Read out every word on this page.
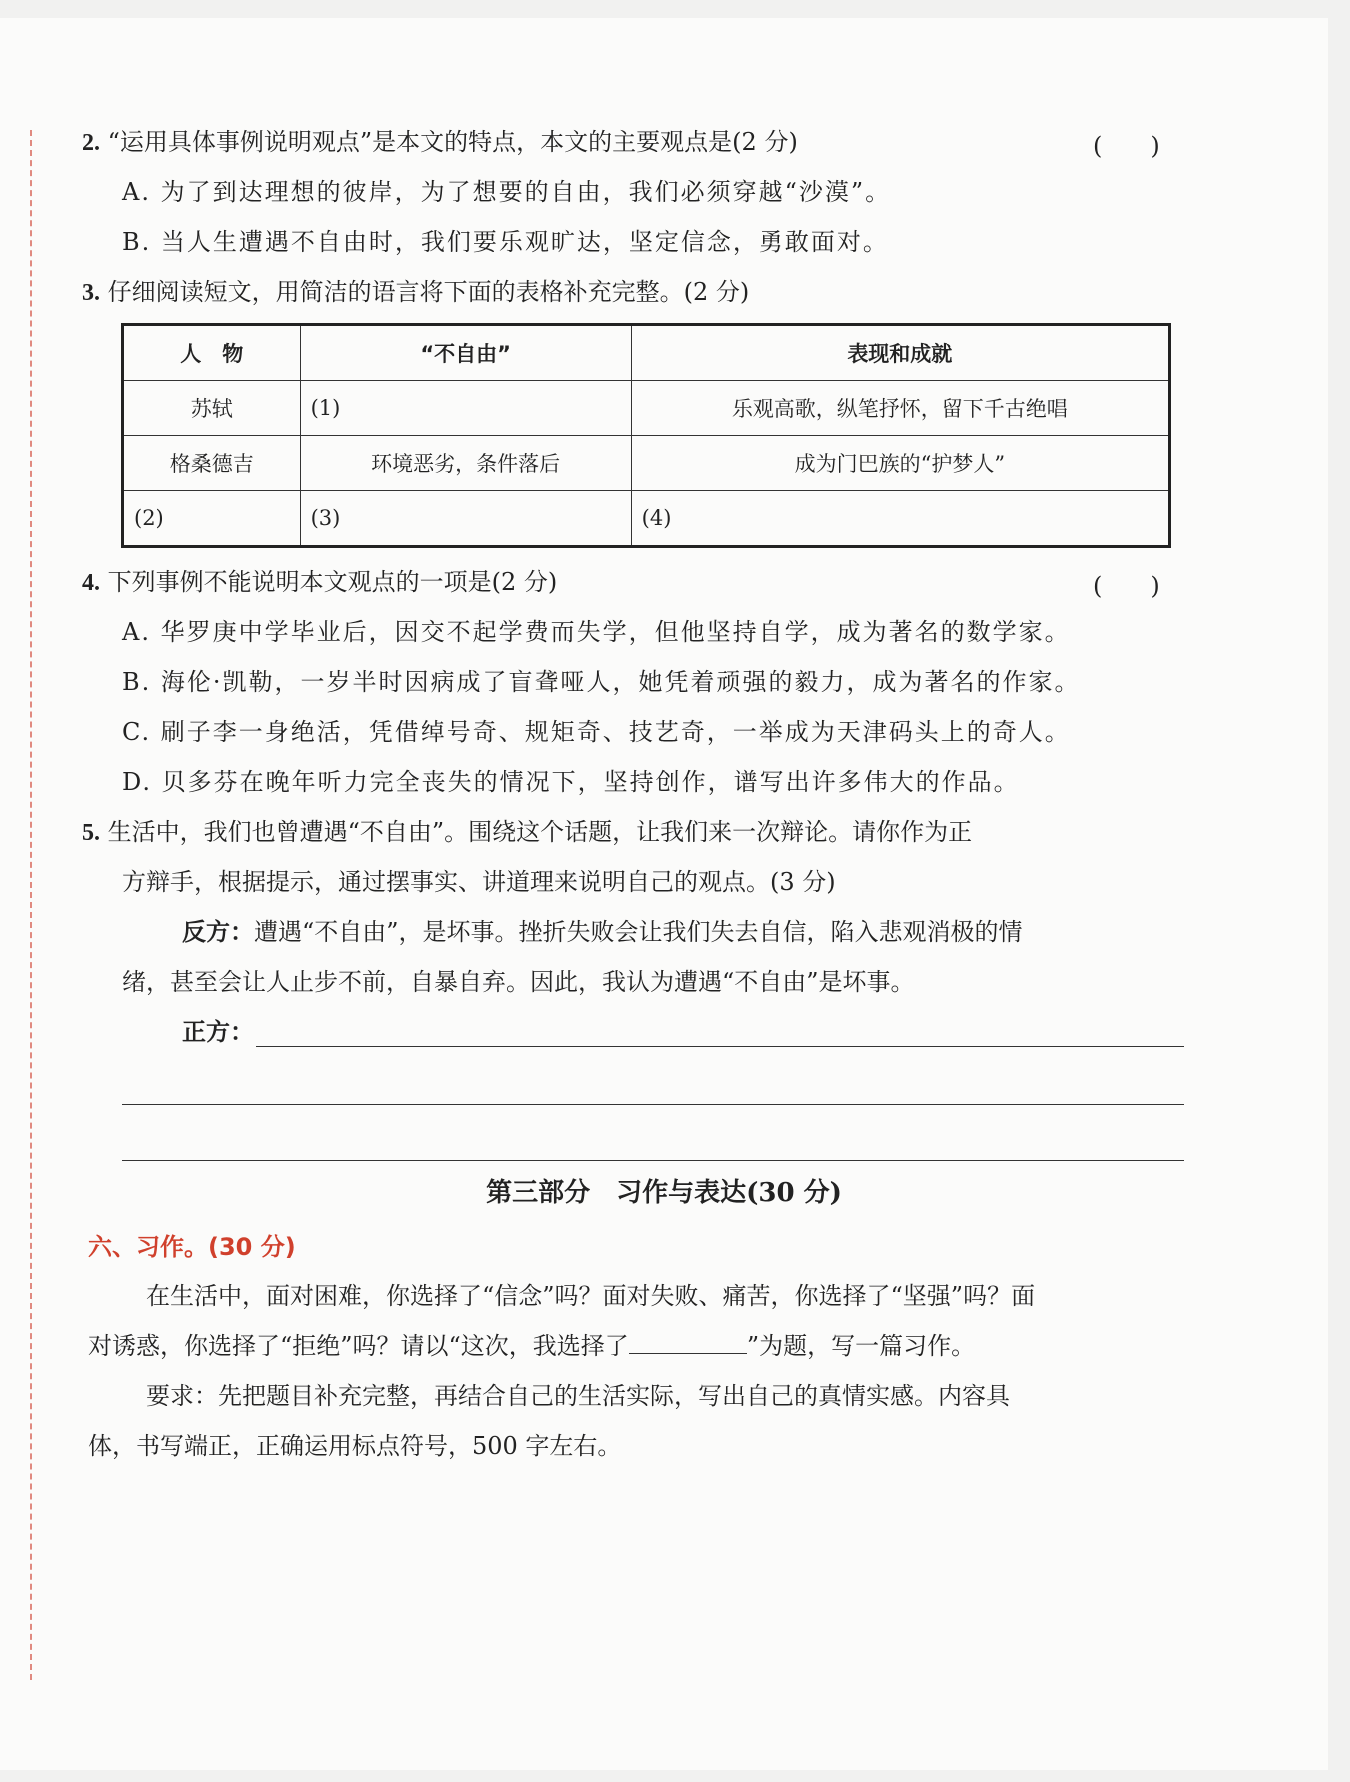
2. “运用具体事例说明观点”是本文的特点，本文的主要观点是(2 分)	(　　)
A. 为了到达理想的彼岸，为了想要的自由，我们必须穿越“沙漠”。
B. 当人生遭遇不自由时，我们要乐观旷达，坚定信念，勇敢面对。
3. 仔细阅读短文，用简洁的语言将下面的表格补充完整。(2 分)
人　物	“不自由”	表现和成就
苏轼	(1)	乐观高歌，纵笔抒怀，留下千古绝唱
格桑德吉	环境恶劣，条件落后	成为门巴族的“护梦人”
(2)	(3)	(4)
4. 下列事例不能说明本文观点的一项是(2 分)	(　　)
A. 华罗庚中学毕业后，因交不起学费而失学，但他坚持自学，成为著名的数学家。
B. 海伦·凯勒，一岁半时因病成了盲聋哑人，她凭着顽强的毅力，成为著名的作家。
C. 刷子李一身绝活，凭借绰号奇、规矩奇、技艺奇，一举成为天津码头上的奇人。
D. 贝多芬在晚年听力完全丧失的情况下，坚持创作，谱写出许多伟大的作品。
5. 生活中，我们也曾遭遇“不自由”。围绕这个话题，让我们来一次辩论。请你作为正
方辩手，根据提示，通过摆事实、讲道理来说明自己的观点。(3 分)
反方：遭遇“不自由”，是坏事。挫折失败会让我们失去自信，陷入悲观消极的情
绪，甚至会让人止步不前，自暴自弃。因此，我认为遭遇“不自由”是坏事。
正方：
第三部分　习作与表达(30 分)
六、习作。(30 分)
在生活中，面对困难，你选择了“信念”吗？面对失败、痛苦，你选择了“坚强”吗？面
对诱惑，你选择了“拒绝”吗？请以“这次，我选择了	”为题，写一篇习作。
要求：先把题目补充完整，再结合自己的生活实际，写出自己的真情实感。内容具
体，书写端正，正确运用标点符号，500 字左右。
